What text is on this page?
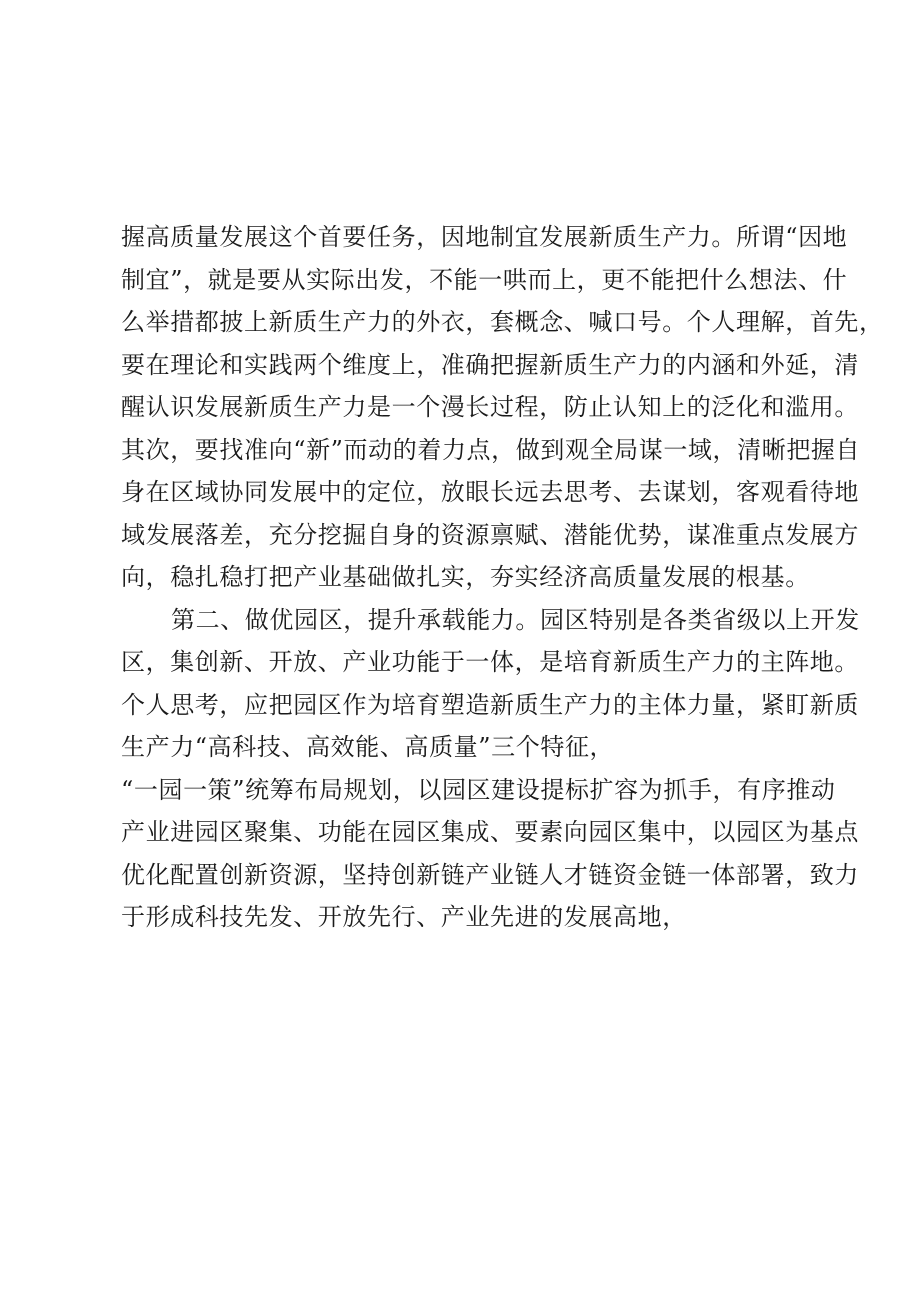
握高质量发展这个首要任务，因地制宜发展新质生产力。所谓“因地
制宜”，就是要从实际出发，不能一哄而上，更不能把什么想法、什
么举措都披上新质生产力的外衣，套概念、喊口号。个人理解，首先，
要在理论和实践两个维度上，准确把握新质生产力的内涵和外延，清
醒认识发展新质生产力是一个漫长过程，防止认知上的泛化和滥用。
其次，要找准向“新”而动的着力点，做到观全局谋一域，清晰把握自
身在区域协同发展中的定位，放眼长远去思考、去谋划，客观看待地
域发展落差，充分挖掘自身的资源禀赋、潜能优势，谋准重点发展方
向，稳扎稳打把产业基础做扎实，夯实经济高质量发展的根基。
第二、做优园区，提升承载能力。园区特别是各类省级以上开发
区，集创新、开放、产业功能于一体，是培育新质生产力的主阵地。
个人思考，应把园区作为培育塑造新质生产力的主体力量，紧盯新质
生产力“高科技、高效能、高质量”三个特征，
“一园一策”统筹布局规划，以园区建设提标扩容为抓手，有序推动
产业进园区聚集、功能在园区集成、要素向园区集中，以园区为基点
优化配置创新资源，坚持创新链产业链人才链资金链一体部署，致力
于形成科技先发、开放先行、产业先进的发展高地，
